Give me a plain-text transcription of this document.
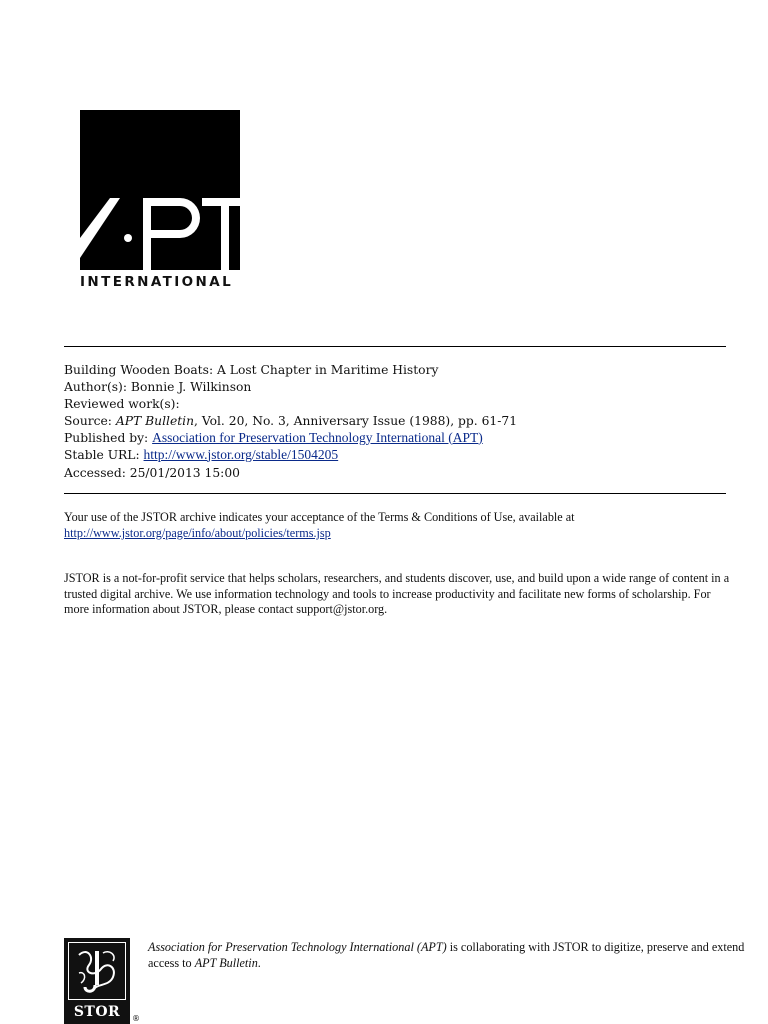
INTERNATIONAL
Building Wooden Boats: A Lost Chapter in Maritime History
Author(s): Bonnie J. Wilkinson
Reviewed work(s):
Source: APT Bulletin, Vol. 20, No. 3, Anniversary Issue (1988), pp. 61-71
Published by: Association for Preservation Technology International (APT)
Stable URL: http://www.jstor.org/stable/1504205
Accessed: 25/01/2013 15:00
Your use of the JSTOR archive indicates your acceptance of the Terms & Conditions of Use, available at
http://www.jstor.org/page/info/about/policies/terms.jsp
JSTOR is a not-for-profit service that helps scholars, researchers, and students discover, use, and build upon a wide range of content in a trusted digital archive. We use information technology and tools to increase productivity and facilitate new forms of scholarship. For more information about JSTOR, please contact support@jstor.org.
STOR	®
Association for Preservation Technology International (APT) is collaborating with JSTOR to digitize, preserve and extend access to APT Bulletin.
